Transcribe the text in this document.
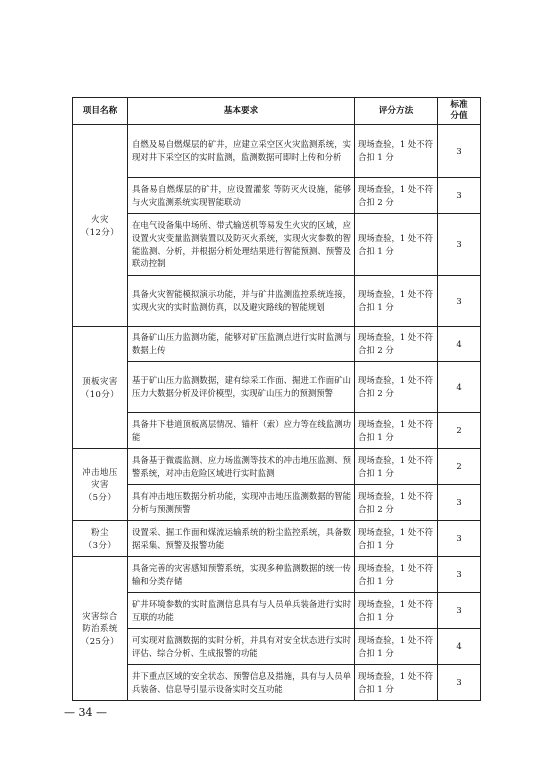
项目名称	基本要求	评分方法	标准
分值

火灾
（12分）	自燃及易自燃煤层的矿井，应建立采空区火灾监测系统，实现对井下采空区的实时监测，监测数据可即时上传和分析	现场查验，1 处不符合扣 1 分	3
	具备易自燃煤层的矿井，应设置灌浆 等防灭火设施，能够与火灾监测系统实现智能联动	现场查验，1 处不符合扣 2 分	3
	在电气设备集中场所、带式输送机等易发生火灾的区域，应设置火灾变量监测装置以及防灭火系统，实现火灾参数的智能监测、分析，并根据分析处理结果进行智能预测、预警及联动控制	现场查验，1 处不符合扣 1 分	3
	具备火灾智能模拟演示功能，并与矿井监测监控系统连接，实现火灾的实时监测仿真，以及避灾路线的智能规划	现场查验，1 处不符合扣 1 分	3

顶板灾害
（10分）	具备矿山压力监测功能，能够对矿压监测点进行实时监测与数据上传	现场查验，1 处不符合扣 2 分	4
	基于矿山压力监测数据，建有综采工作面、掘进工作面矿山压力大数据分析及评价模型，实现矿山压力的预测预警	现场查验，1 处不符合扣 2 分	4
	具备井下巷道顶板离层情况、锚杆（索）应力等在线监测功能	现场查验，1 处不符合扣 1 分	2

冲击地压
灾害
（5分）	具备基于微震监测、应力场监测等技术的冲击地压监测、预警系统，对冲击危险区域进行实时监测	现场查验，1 处不符合扣 1 分	2
	具有冲击地压数据分析功能，实现冲击地压监测数据的智能分析与预测预警	现场查验，1 处不符合扣 2 分	3

粉尘
（3分）	设置采、掘工作面和煤流运输系统的粉尘监控系统，具备数据采集、预警及报警功能	现场查验，1 处不符合扣 1 分	3

灾害综合
防治系统
（25分）	具备完善的灾害感知预警系统，实现多种监测数据的统一传输和分类存储	现场查验，1 处不符合扣 1 分	3
	矿井环境参数的实时监测信息具有与人员单兵装备进行实时互联的功能	现场查验，1 处不符合扣 1 分	3
	可实现对监测数据的实时分析，并具有对安全状态进行实时评估、综合分析、生成报警的功能	现场查验，1 处不符合扣 1 分	4
	井下重点区域的安全状态、预警信息及措施，具有与人员单兵装备、信息导引显示设备实时交互功能	现场查验，1 处不符合扣 1 分	3
— 34 —
